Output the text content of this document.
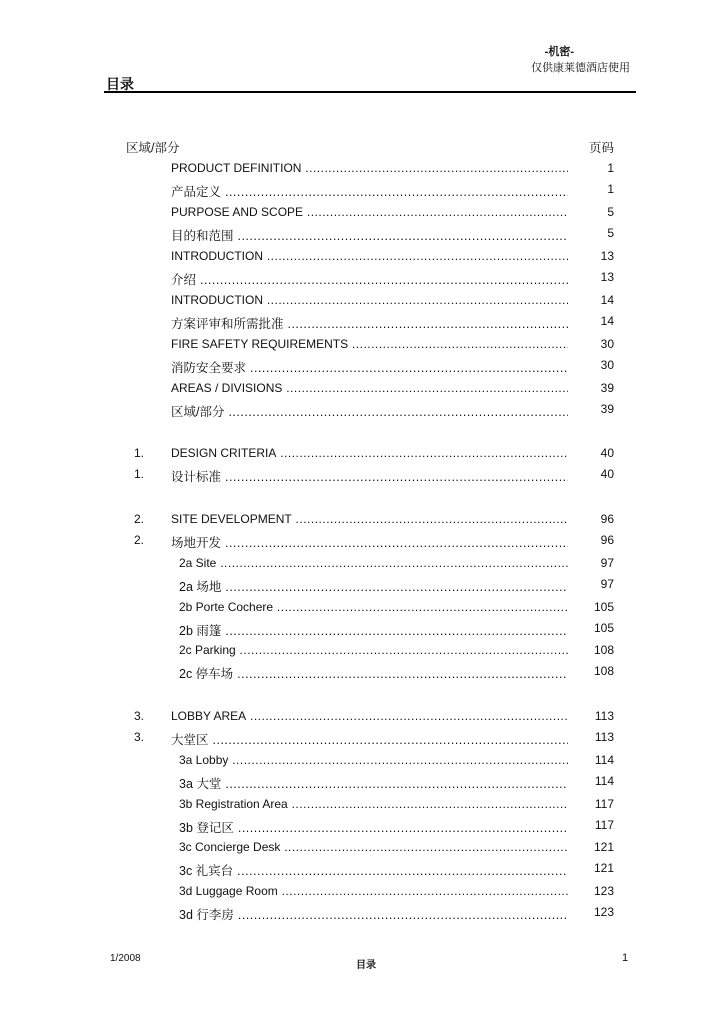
-机密-
仅供康莱德酒店使用
目录
区域/部分	页码
PRODUCT DEFINITION .....	1
产品定义 .....	1
PURPOSE AND SCOPE .....	5
目的和范围 .....	5
INTRODUCTION .....	13
介绍 .....	13
INTRODUCTION .....	14
方案评审和所需批准 .....	14
FIRE SAFETY REQUIREMENTS .....	30
消防安全要求 .....	30
AREAS / DIVISIONS .....	39
区域/部分 .....	39
1. DESIGN CRITERIA .....	40
1. 设计标准 .....	40
2. SITE DEVELOPMENT .....	96
2. 场地开发 .....	96
2a Site .....	97
2a 场地 .....	97
2b Porte Cochere .....	105
2b 雨篷 .....	105
2c Parking .....	108
2c 停车场 .....	108
3. LOBBY AREA .....	113
3. 大堂区 .....	113
3a Lobby .....	114
3a 大堂 .....	114
3b Registration Area .....	117
3b 登记区 .....	117
3c Concierge Desk .....	121
3c 礼宾台 .....	121
3d Luggage Room .....	123
3d 行李房 .....	123
1/2008
目录
1
